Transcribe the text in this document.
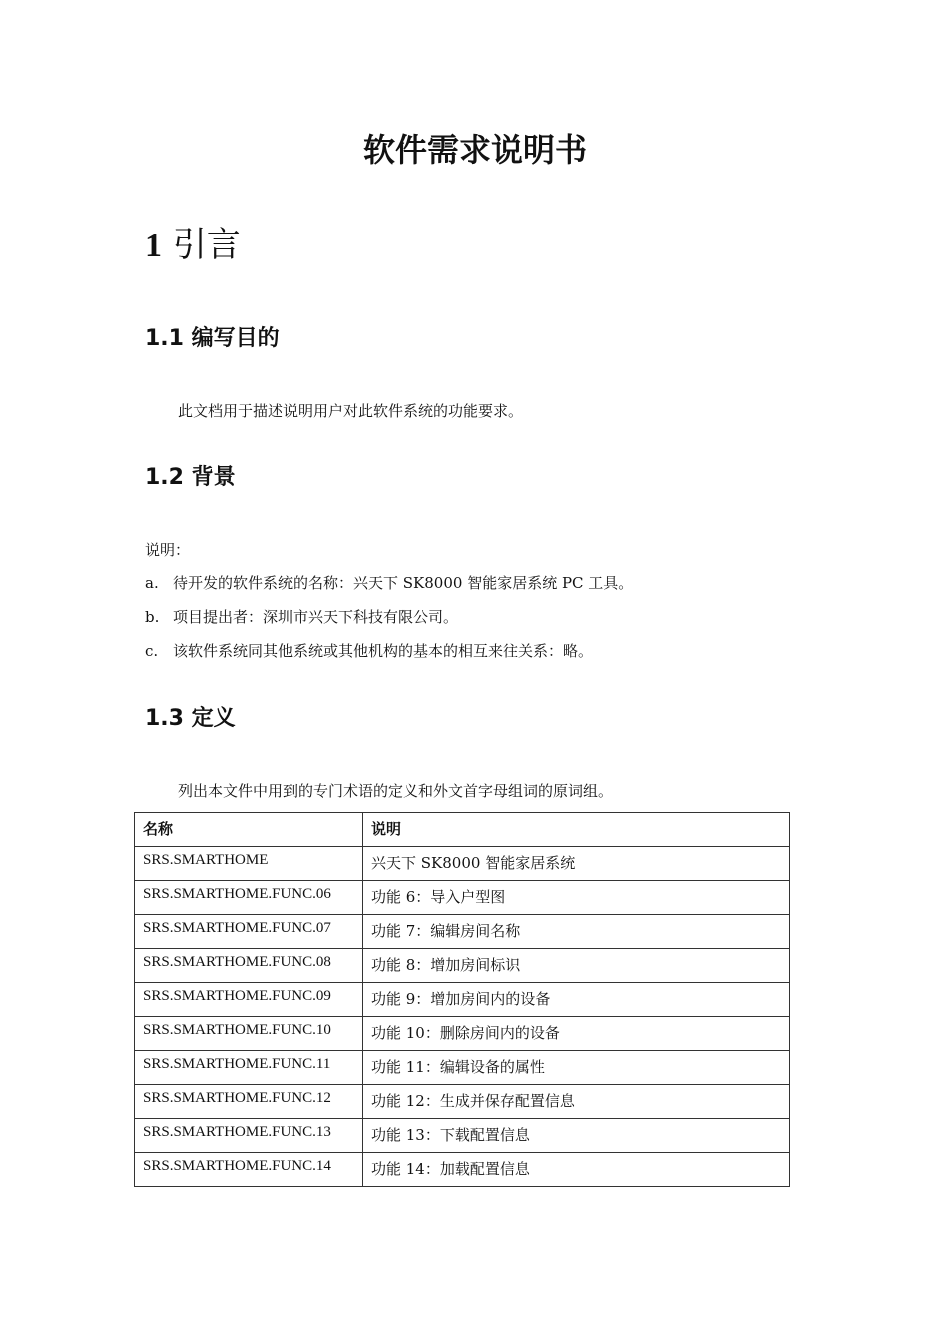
软件需求说明书
1 引言
1.1 编写目的

此文档用于描述说明用户对此软件系统的功能要求。

1.2 背景

说明：

a. 待开发的软件系统的名称：兴天下 SK8000 智能家居系统 PC 工具。
b. 项目提出者：深圳市兴天下科技有限公司。
c. 该软件系统同其他系统或其他机构的基本的相互来往关系：略。
1.3 定义

列出本文件中用到的专门术语的定义和外文首字母组词的原词组。

名称	说明
SRS.SMARTHOME	兴天下 SK8000 智能家居系统
SRS.SMARTHOME.FUNC.06	功能 6：导入户型图
SRS.SMARTHOME.FUNC.07	功能 7：编辑房间名称
SRS.SMARTHOME.FUNC.08	功能 8：增加房间标识
SRS.SMARTHOME.FUNC.09	功能 9：增加房间内的设备
SRS.SMARTHOME.FUNC.10	功能 10：删除房间内的设备
SRS.SMARTHOME.FUNC.11	功能 11：编辑设备的属性
SRS.SMARTHOME.FUNC.12	功能 12：生成并保存配置信息
SRS.SMARTHOME.FUNC.13	功能 13：下载配置信息
SRS.SMARTHOME.FUNC.14	功能 14：加载配置信息
